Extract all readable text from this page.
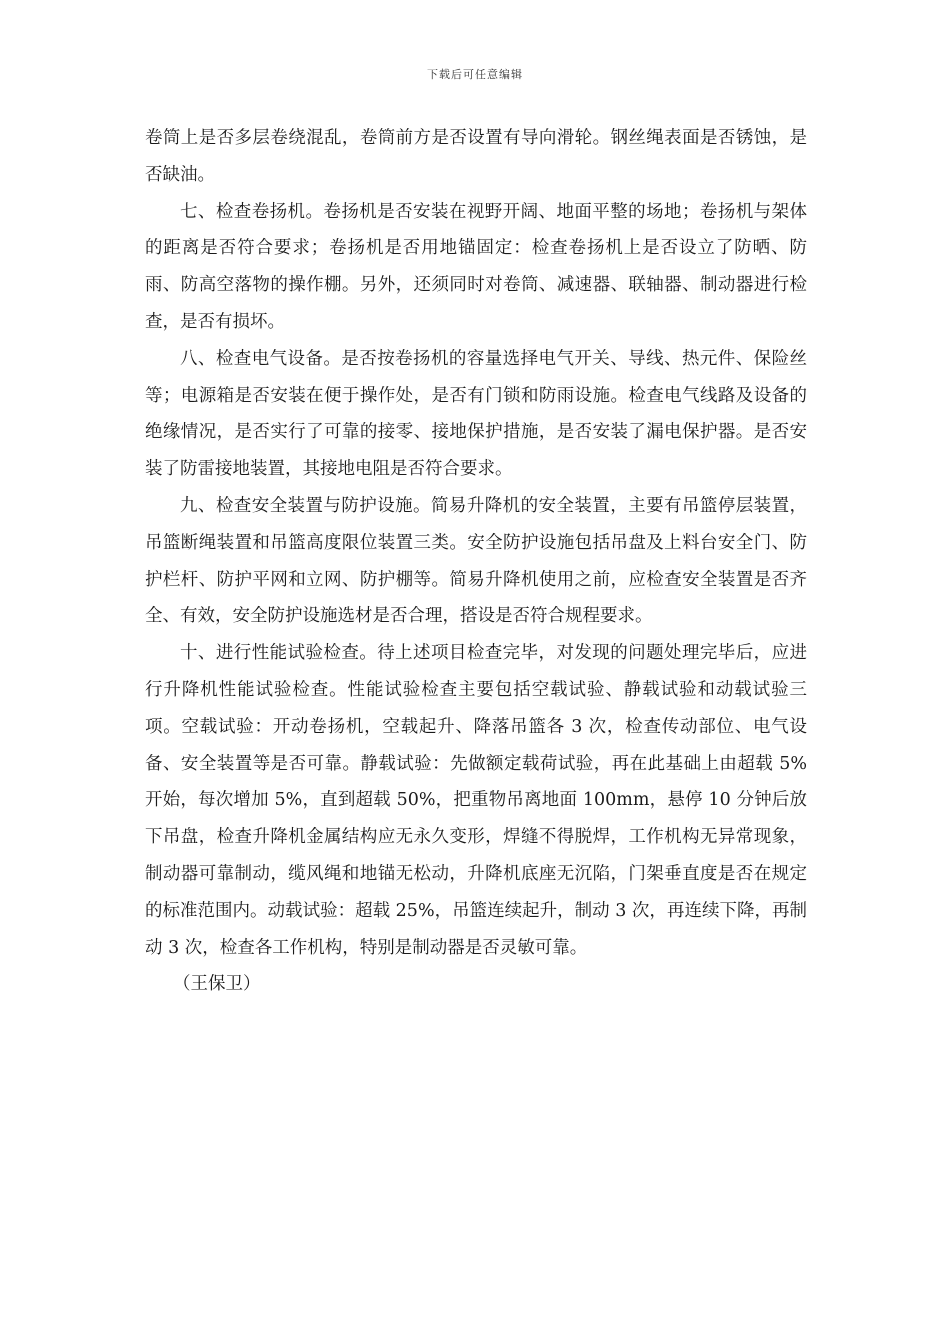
下载后可任意编辑

卷筒上是否多层卷绕混乱，卷筒前方是否设置有导向滑轮。钢丝绳表面是否锈蚀，是否缺油。

七、检查卷扬机。卷扬机是否安装在视野开阔、地面平整的场地；卷扬机与架体的距离是否符合要求；卷扬机是否用地锚固定：检查卷扬机上是否设立了防晒、防雨、防高空落物的操作棚。另外，还须同时对卷筒、减速器、联轴器、制动器进行检查，是否有损坏。

八、检查电气设备。是否按卷扬机的容量选择电气开关、导线、热元件、保险丝等；电源箱是否安装在便于操作处，是否有门锁和防雨设施。检查电气线路及设备的绝缘情况，是否实行了可靠的接零、接地保护措施，是否安装了漏电保护器。是否安装了防雷接地装置，其接地电阻是否符合要求。

九、检查安全装置与防护设施。简易升降机的安全装置，主要有吊篮停层装置，吊篮断绳装置和吊篮高度限位装置三类。安全防护设施包括吊盘及上料台安全门、防护栏杆、防护平网和立网、防护棚等。简易升降机使用之前，应检查安全装置是否齐全、有效，安全防护设施选材是否合理，搭设是否符合规程要求。

十、进行性能试验检查。待上述项目检查完毕，对发现的问题处理完毕后，应进行升降机性能试验检查。性能试验检查主要包括空载试验、静载试验和动载试验三项。空载试验：开动卷扬机，空载起升、降落吊篮各 3 次，检查传动部位、电气设备、安全装置等是否可靠。静载试验：先做额定载荷试验，再在此基础上由超载 5%开始，每次增加 5%，直到超载 50%，把重物吊离地面 100mm，悬停 10 分钟后放下吊盘，检查升降机金属结构应无永久变形，焊缝不得脱焊，工作机构无异常现象，制动器可靠制动，缆风绳和地锚无松动，升降机底座无沉陷，门架垂直度是否在规定的标准范围内。动载试验：超载 25%，吊篮连续起升，制动 3 次，再连续下降，再制动 3 次，检查各工作机构，特别是制动器是否灵敏可靠。

（王保卫）
